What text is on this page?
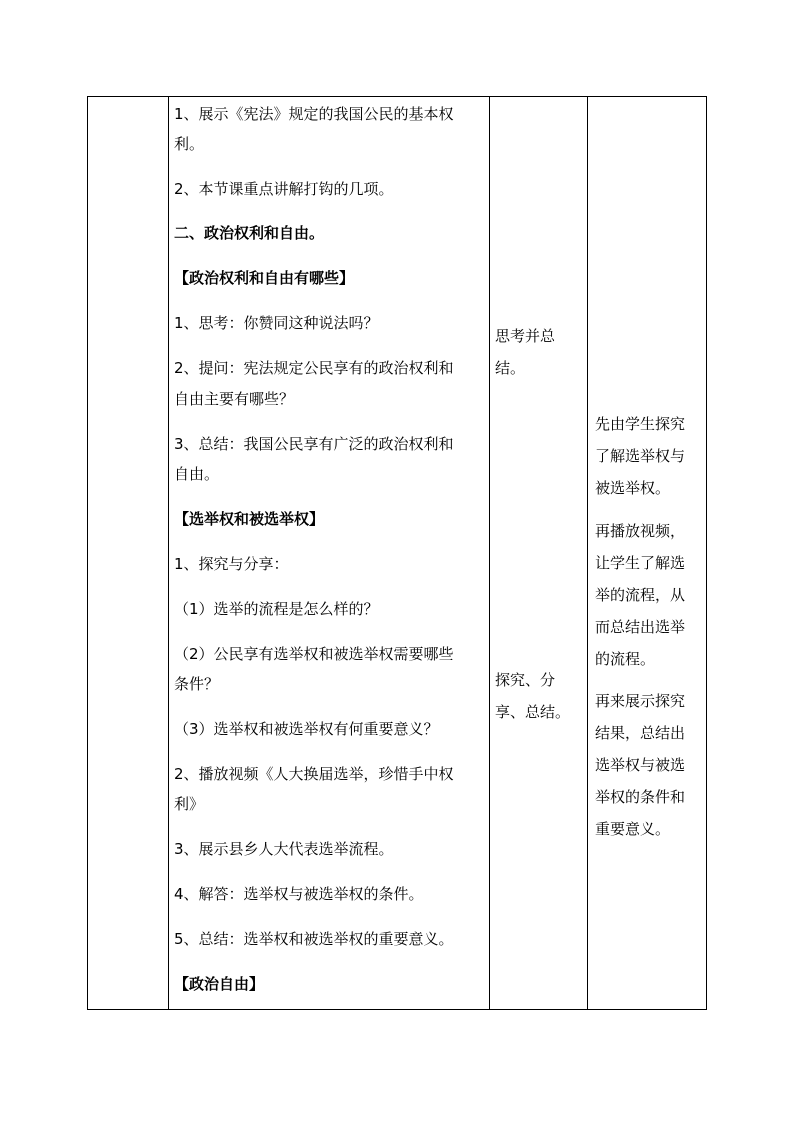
1、展示《宪法》规定的我国公民的基本权
利。
2、本节课重点讲解打钩的几项。
二、政治权利和自由。
【政治权利和自由有哪些】
1、思考：你赞同这种说法吗？
2、提问：宪法规定公民享有的政治权利和
自由主要有哪些？
3、总结：我国公民享有广泛的政治权利和
自由。
【选举权和被选举权】
1、探究与分享：
（1）选举的流程是怎么样的？
（2）公民享有选举权和被选举权需要哪些
条件？
（3）选举权和被选举权有何重要意义？
2、播放视频《人大换届选举，珍惜手中权
利》
3、展示县乡人大代表选举流程。
4、解答：选举权与被选举权的条件。
5、总结：选举权和被选举权的重要意义。
【政治自由】
思考并总
结。
探究、分
享、总结。
先由学生探究
了解选举权与
被选举权。
再播放视频，
让学生了解选
举的流程，从
而总结出选举
的流程。
再来展示探究
结果，总结出
选举权与被选
举权的条件和
重要意义。
